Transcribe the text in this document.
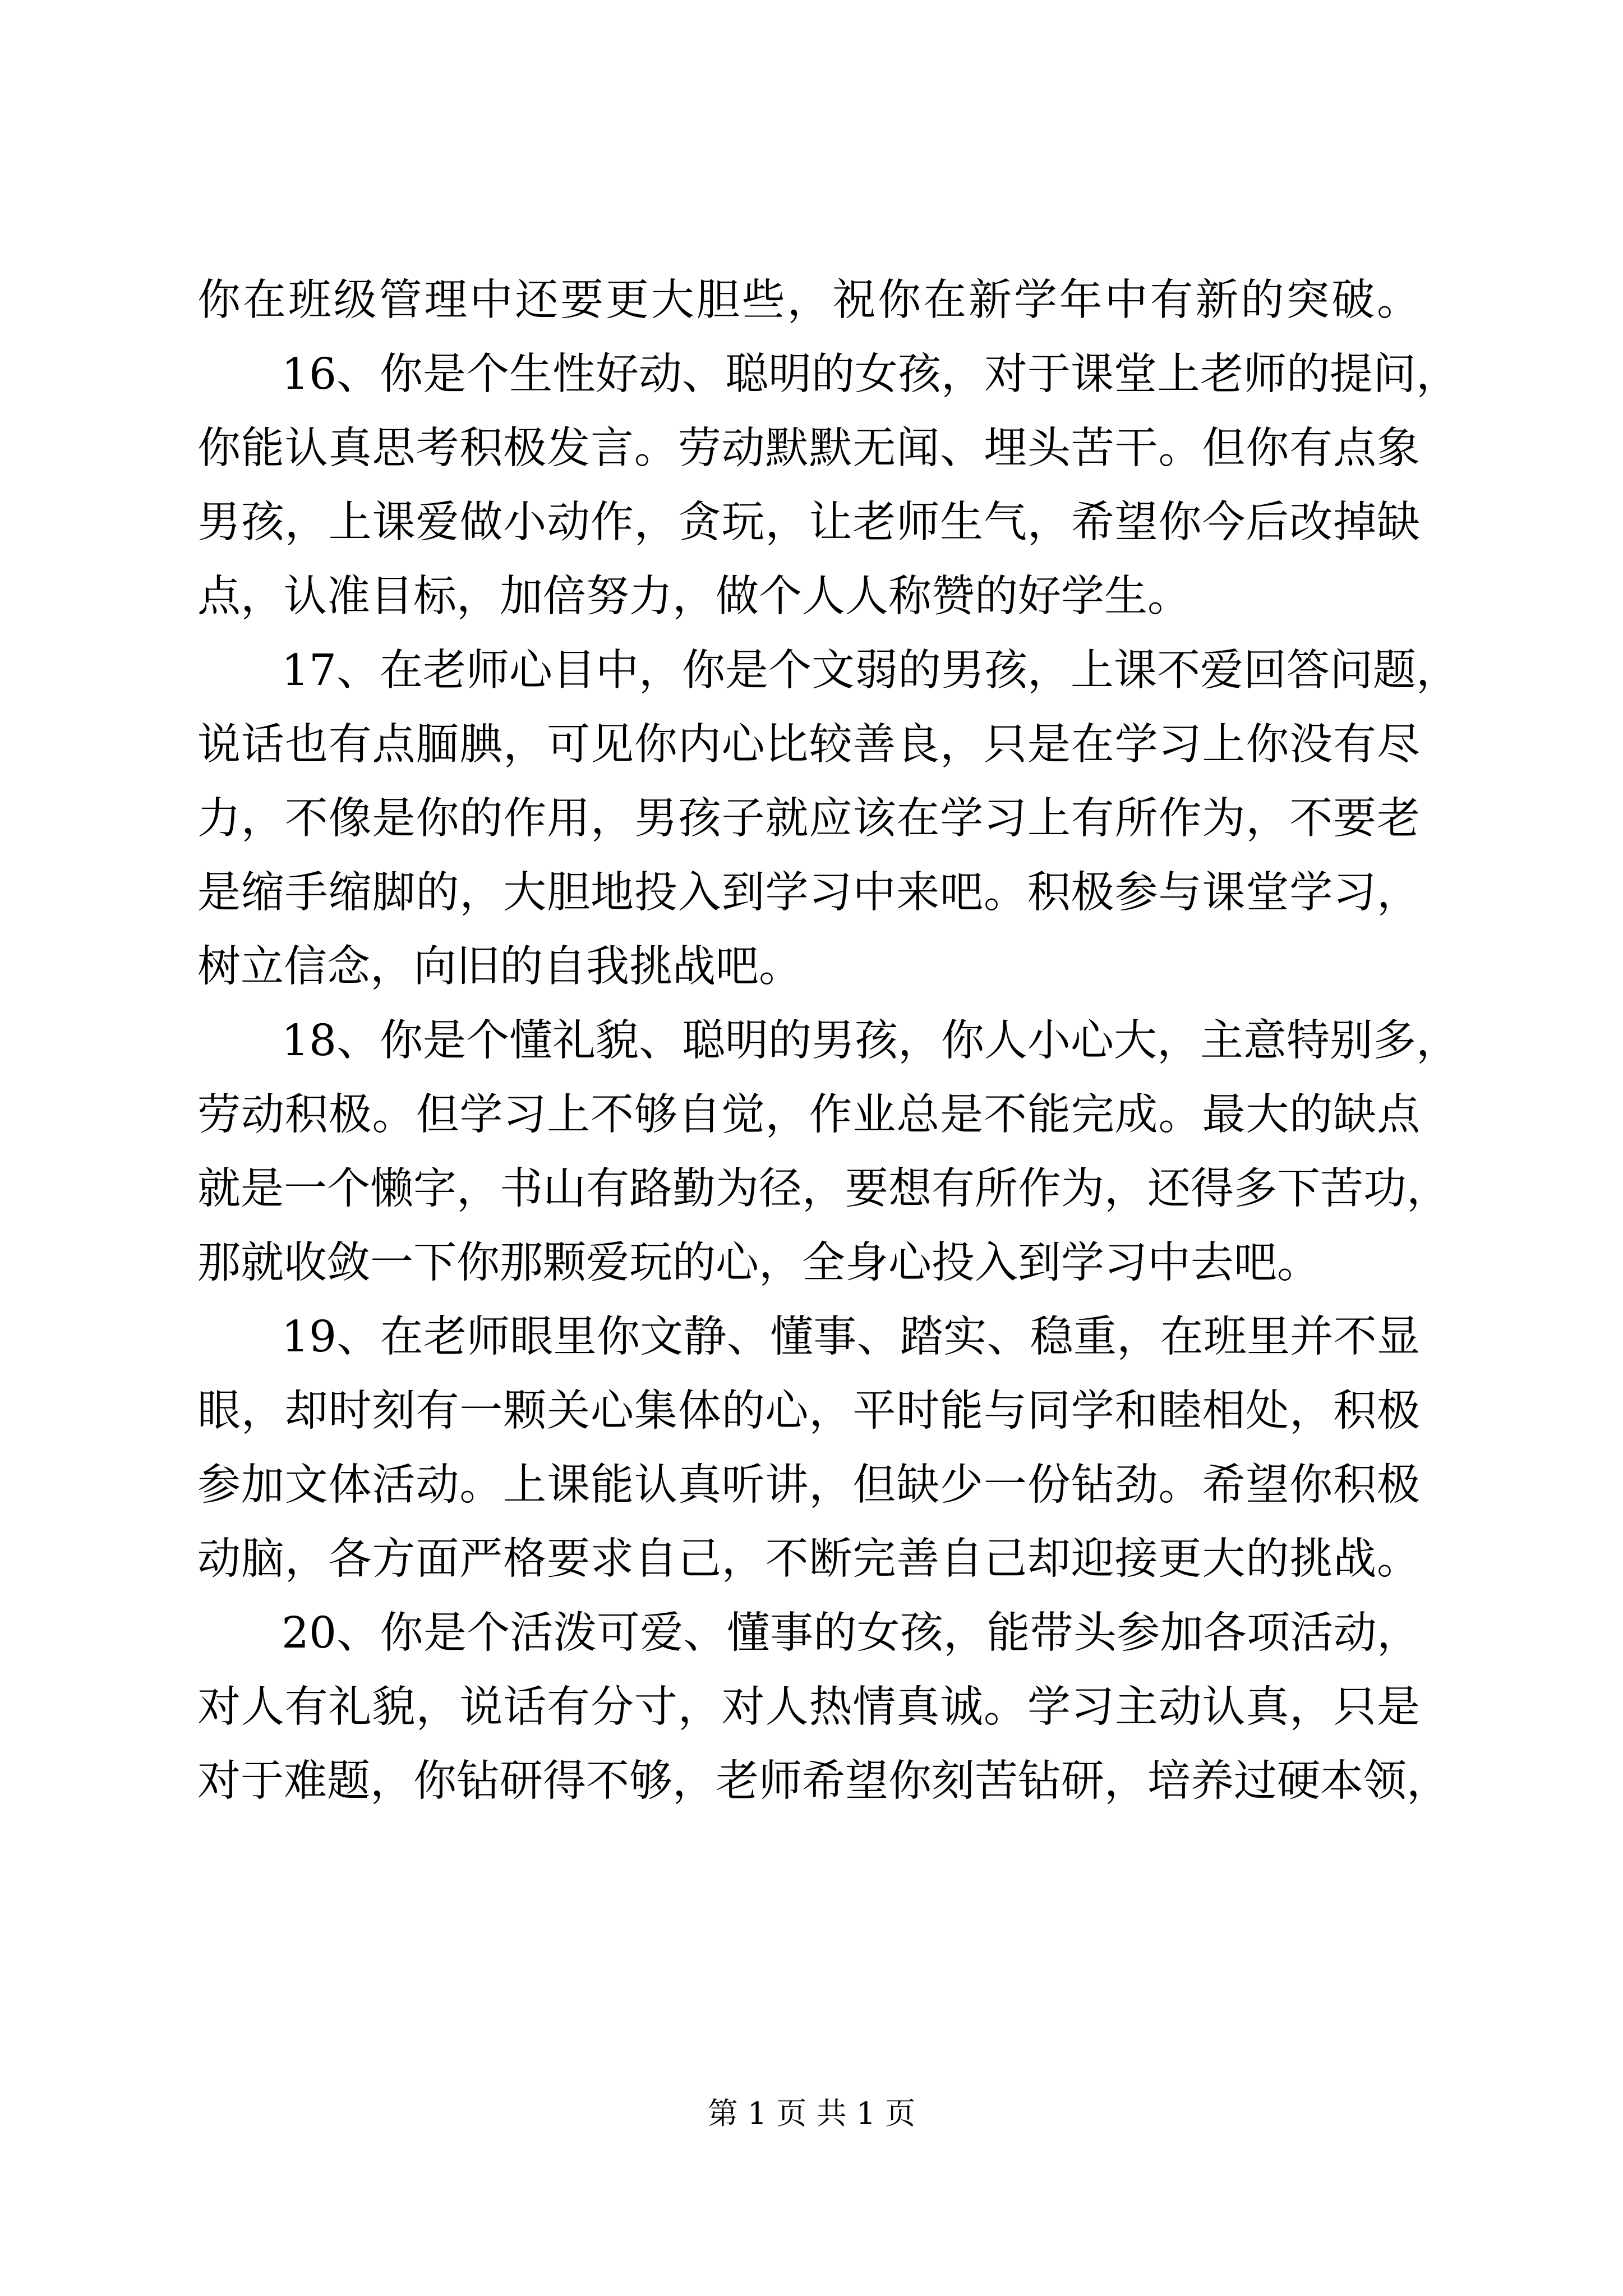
你在班级管理中还要更大胆些，祝你在新学年中有新的突破。
16、你是个生性好动、聪明的女孩，对于课堂上老师的提问，
你能认真思考积极发言。劳动默默无闻、埋头苦干。但你有点象
男孩，上课爱做小动作，贪玩，让老师生气，希望你今后改掉缺
点，认准目标，加倍努力，做个人人称赞的好学生。
17、在老师心目中，你是个文弱的男孩，上课不爱回答问题，
说话也有点腼腆，可见你内心比较善良，只是在学习上你没有尽
力，不像是你的作用，男孩子就应该在学习上有所作为，不要老
是缩手缩脚的，大胆地投入到学习中来吧。积极参与课堂学习，
树立信念，向旧的自我挑战吧。
18、你是个懂礼貌、聪明的男孩，你人小心大，主意特别多，
劳动积极。但学习上不够自觉，作业总是不能完成。最大的缺点
就是一个懒字，书山有路勤为径，要想有所作为，还得多下苦功，
那就收敛一下你那颗爱玩的心，全身心投入到学习中去吧。
19、在老师眼里你文静、懂事、踏实、稳重，在班里并不显
眼，却时刻有一颗关心集体的心，平时能与同学和睦相处，积极
参加文体活动。上课能认真听讲，但缺少一份钻劲。希望你积极
动脑，各方面严格要求自己，不断完善自己却迎接更大的挑战。
20、你是个活泼可爱、懂事的女孩，能带头参加各项活动，
对人有礼貌，说话有分寸，对人热情真诚。学习主动认真，只是
对于难题，你钻研得不够，老师希望你刻苦钻研，培养过硬本领，
第 1 页 共 1 页
